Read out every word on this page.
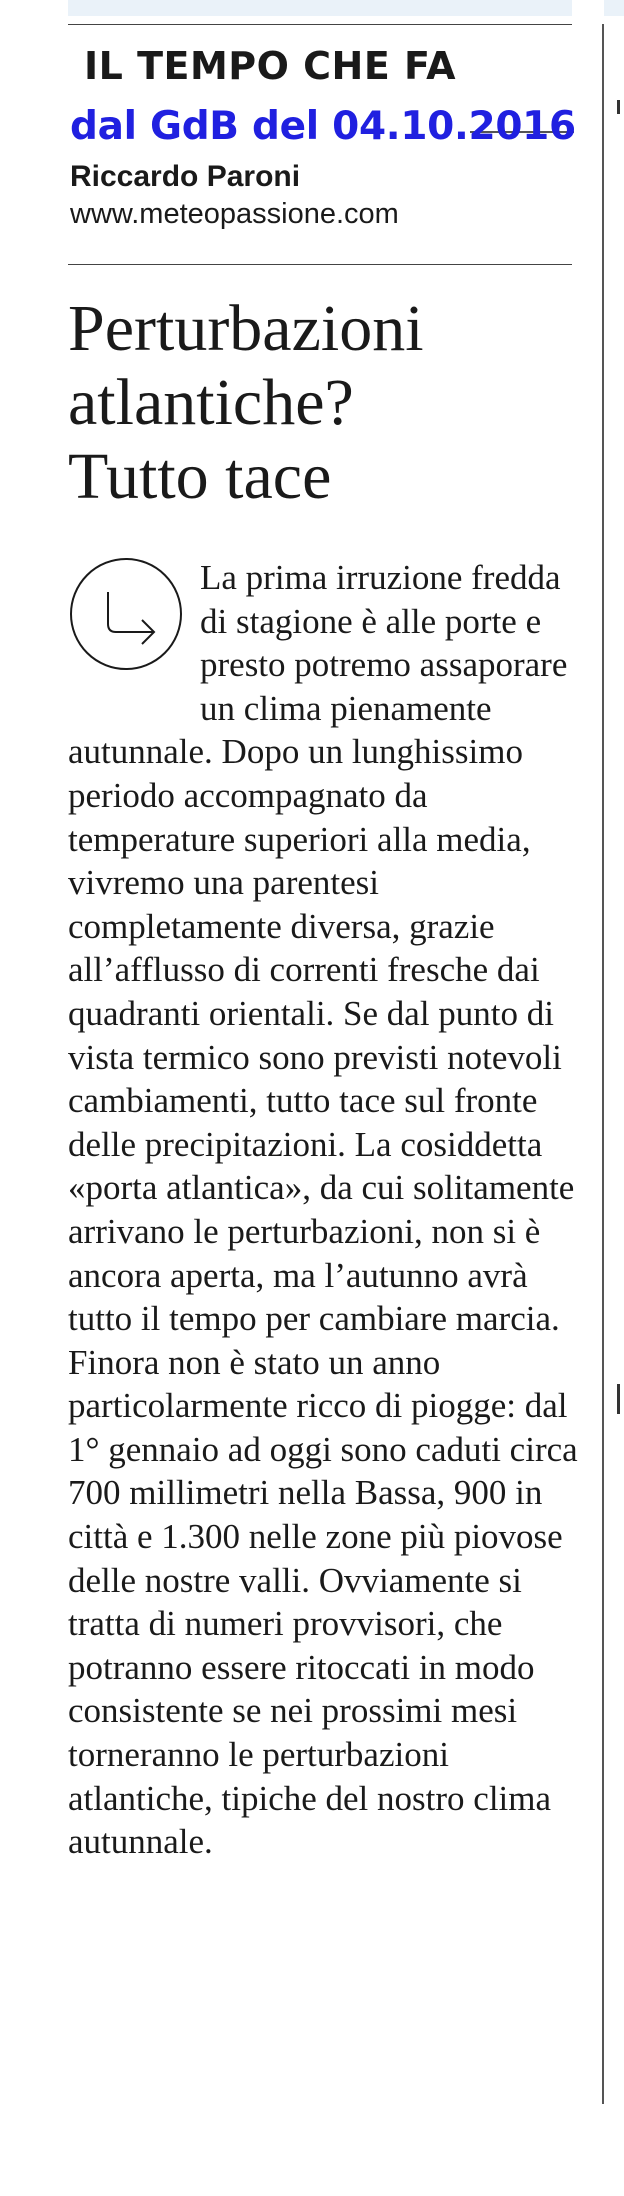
IL TEMPO CHE FA
dal GdB del 04.10.2016
Riccardo Paroni
www.meteopassione.com
Perturbazioni
atlantiche?
Tutto tace

La prima irruzione fredda di stagione è alle porte e presto potremo assaporare un clima pienamente autunnale. Dopo un lunghissimo periodo accompagnato da temperature superiori alla media, vivremo una parentesi completamente diversa, grazie all’afflusso di correnti fresche dai quadranti orientali. Se dal punto di vista termico sono previsti notevoli cambiamenti, tutto tace sul fronte delle precipitazioni. La cosiddetta «porta atlantica», da cui solitamente arrivano le perturbazioni, non si è ancora aperta, ma l’autunno avrà tutto il tempo per cambiare marcia. Finora non è stato un anno particolarmente ricco di piogge: dal 1° gennaio ad oggi sono caduti circa 700 millimetri nella Bassa, 900 in città e 1.300 nelle zone più piovose delle nostre valli. Ovviamente si tratta di numeri provvisori, che potranno essere ritoccati in modo consistente se nei prossimi mesi torneranno le perturbazioni atlantiche, tipiche del nostro clima autunnale.
